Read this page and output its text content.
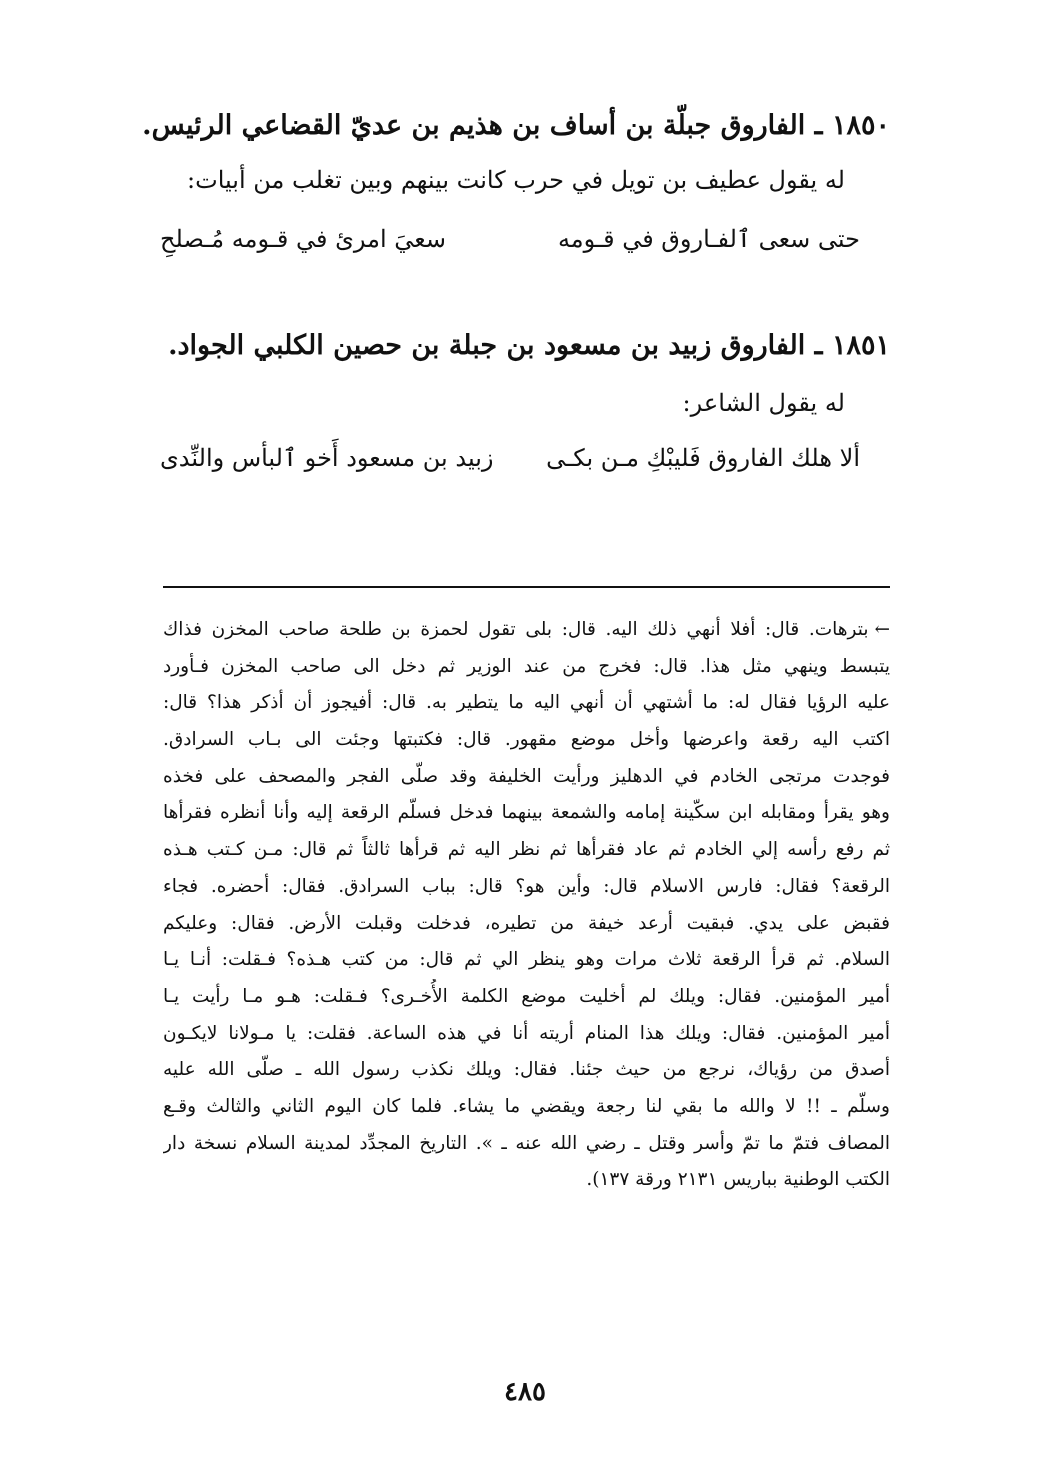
١٨٥٠ ـ الفاروق جبلّة بن أساف بن هذيم بن عديّ القضاعي الرئيس.
له يقول عطيف بن تويل في حرب كانت بينهم وبين تغلب من أبيات:
حتى سعى ٱلفـاروق في قـومه
سعيَ امرئ في قـومه مُـصلحِ
١٨٥١ ـ الفاروق زبيد بن مسعود بن جبلة بن حصين الكلبي الجواد.
له يقول الشاعر:
ألا هلك الفاروق فَليبْكِ مـن بكـى
زبيد بن مسعود أَخو ٱلبأس والنِّدى
←بترهات. قال: أفلا أنهي ذلك اليه. قال: بلى تقول لحمزة بن طلحة صاحب المخزن فذاك
يتبسط وينهي مثل هذا. قال: فخرج من عند الوزير ثم دخل الى صاحب المخزن فـأورد
عليه الرؤيا فقال له: ما أشتهي أن أنهي اليه ما يتطير به. قال: أفيجوز أن أذكر هذا؟ قال:
اكتب اليه رقعة واعرضها وأخل موضع مقهور. قال: فكتبتها وجئت الى بـاب السرادق.
فوجدت مرتجى الخادم في الدهليز ورأيت الخليفة وقد صلّى الفجر والمصحف على فخذه
وهو يقرأ ومقابله ابن سكّينة إمامه والشمعة بينهما فدخل فسلّم الرقعة إليه وأنا أنظره فقرأها
ثم رفع رأسه إلي الخادم ثم عاد فقرأها ثم نظر اليه ثم قرأها ثالثاً ثم قال: مـن كـتب هـذه
الرقعة؟ فقال: فارس الاسلام قال: وأين هو؟ قال: بباب السرادق. فقال: أحضره. فجاء
فقبض على يدي. فبقيت أرعد خيفة من تطيره، فدخلت وقبلت الأرض. فقال: وعليكم
السلام. ثم قرأ الرقعة ثلاث مرات وهو ينظر الي ثم قال: من كتب هـذه؟ فـقلت: أنـا يـا
أمير المؤمنين. فقال: ويلك لم أخليت موضع الكلمة الأُخـرى؟ فـقلت: هـو مـا رأيت يـا
أمير المؤمنين. فقال: ويلك هذا المنام أريته أنا في هذه الساعة. فقلت: يا مـولانا لايكـون
أصدق من رؤياك، نرجع من حيث جئنا. فقال: ويلك نكذب رسول الله ـ صلّى الله عليه
وسلّم ـ !! لا والله ما بقي لنا رجعة ويقضي ما يشاء. فلما كان اليوم الثاني والثالث وقـع
المصاف فتمّ ما تمّ وأسر وقتل ـ رضي الله عنه ـ ». التاريخ المجدِّد لمدينة السلام نسخة دار
الكتب الوطنية بباريس ٢١٣١ ورقة ١٣٧).
٤٨٥
